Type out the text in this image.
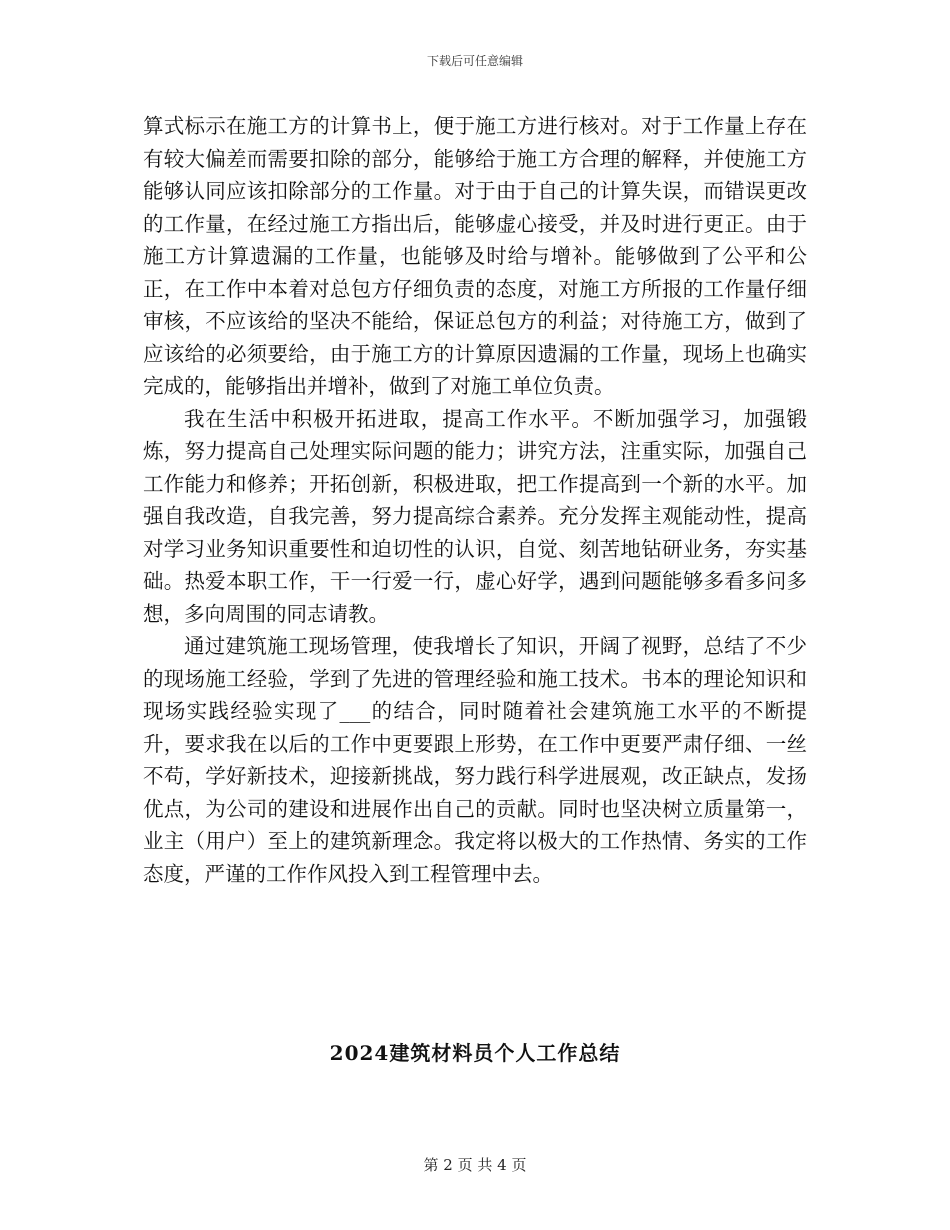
下载后可任意编辑

算式标示在施工方的计算书上，便于施工方进行核对。对于工作量上存在有较大偏差而需要扣除的部分，能够给于施工方合理的解释，并使施工方能够认同应该扣除部分的工作量。对于由于自己的计算失误，而错误更改的工作量，在经过施工方指出后，能够虚心接受，并及时进行更正。由于施工方计算遗漏的工作量，也能够及时给与增补。能够做到了公平和公正，在工作中本着对总包方仔细负责的态度，对施工方所报的工作量仔细审核，不应该给的坚决不能给，保证总包方的利益；对待施工方，做到了应该给的必须要给，由于施工方的计算原因遗漏的工作量，现场上也确实完成的，能够指出并增补，做到了对施工单位负责。

我在生活中积极开拓进取，提高工作水平。不断加强学习，加强锻炼，努力提高自己处理实际问题的能力；讲究方法，注重实际，加强自己工作能力和修养；开拓创新，积极进取，把工作提高到一个新的水平。加强自我改造，自我完善，努力提高综合素养。充分发挥主观能动性，提高对学习业务知识重要性和迫切性的认识，自觉、刻苦地钻研业务，夯实基础。热爱本职工作，干一行爱一行，虚心好学，遇到问题能够多看多问多想，多向周围的同志请教。

通过建筑施工现场管理，使我增长了知识，开阔了视野，总结了不少的现场施工经验，学到了先进的管理经验和施工技术。书本的理论知识和现场实践经验实现了___的结合，同时随着社会建筑施工水平的不断提升，要求我在以后的工作中更要跟上形势，在工作中更要严肃仔细、一丝不苟，学好新技术，迎接新挑战，努力践行科学进展观，改正缺点，发扬优点，为公司的建设和进展作出自己的贡献。同时也坚决树立质量第一，业主（用户）至上的建筑新理念。我定将以极大的工作热情、务实的工作态度，严谨的工作作风投入到工程管理中去。

2024建筑材料员个人工作总结
第 2 页 共 4 页
